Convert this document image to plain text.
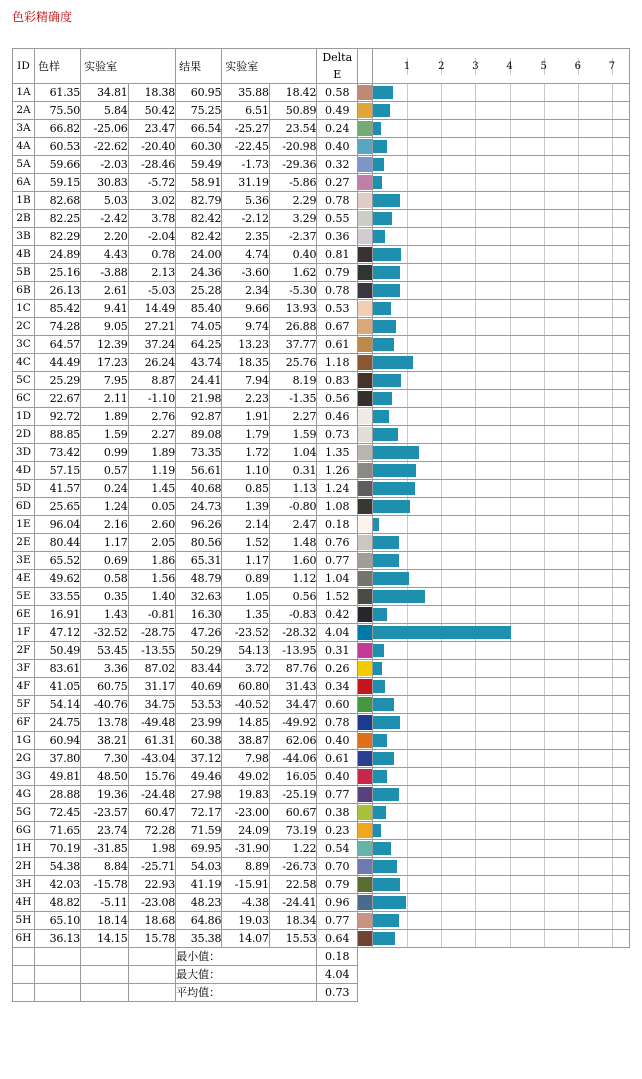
色彩精确度
ID	色样	实验室	结果	实验室	Delta E		
1	2	3	4	5	6	7

1A	61.35	34.81	18.38	60.95	35.88	18.42	0.58	

2A	75.50	5.84	50.42	75.25	6.51	50.89	0.49	

3A	66.82	-25.06	23.47	66.54	-25.27	23.54	0.24	

4A	60.53	-22.62	-20.40	60.30	-22.45	-20.98	0.40	

5A	59.66	-2.03	-28.46	59.49	-1.73	-29.36	0.32	

6A	59.15	30.83	-5.72	58.91	31.19	-5.86	0.27	

1B	82.68	5.03	3.02	82.79	5.36	2.29	0.78	

2B	82.25	-2.42	3.78	82.42	-2.12	3.29	0.55	

3B	82.29	2.20	-2.04	82.42	2.35	-2.37	0.36	

4B	24.89	4.43	0.78	24.00	4.74	0.40	0.81	

5B	25.16	-3.88	2.13	24.36	-3.60	1.62	0.79	

6B	26.13	2.61	-5.03	25.28	2.34	-5.30	0.78	

1C	85.42	9.41	14.49	85.40	9.66	13.93	0.53	

2C	74.28	9.05	27.21	74.05	9.74	26.88	0.67	

3C	64.57	12.39	37.24	64.25	13.23	37.77	0.61	

4C	44.49	17.23	26.24	43.74	18.35	25.76	1.18	

5C	25.29	7.95	8.87	24.41	7.94	8.19	0.83	

6C	22.67	2.11	-1.10	21.98	2.23	-1.35	0.56	

1D	92.72	1.89	2.76	92.87	1.91	2.27	0.46	

2D	88.85	1.59	2.27	89.08	1.79	1.59	0.73	

3D	73.42	0.99	1.89	73.35	1.72	1.04	1.35	

4D	57.15	0.57	1.19	56.61	1.10	0.31	1.26	

5D	41.57	0.24	1.45	40.68	0.85	1.13	1.24	

6D	25.65	1.24	0.05	24.73	1.39	-0.80	1.08	

1E	96.04	2.16	2.60	96.26	2.14	2.47	0.18	

2E	80.44	1.17	2.05	80.56	1.52	1.48	0.76	

3E	65.52	0.69	1.86	65.31	1.17	1.60	0.77	

4E	49.62	0.58	1.56	48.79	0.89	1.12	1.04	

5E	33.55	0.35	1.40	32.63	1.05	0.56	1.52	

6E	16.91	1.43	-0.81	16.30	1.35	-0.83	0.42	

1F	47.12	-32.52	-28.75	47.26	-23.52	-28.32	4.04	

2F	50.49	53.45	-13.55	50.29	54.13	-13.95	0.31	

3F	83.61	3.36	87.02	83.44	3.72	87.76	0.26	

4F	41.05	60.75	31.17	40.69	60.80	31.43	0.34	

5F	54.14	-40.76	34.75	53.53	-40.52	34.47	0.60	

6F	24.75	13.78	-49.48	23.99	14.85	-49.92	0.78	

1G	60.94	38.21	61.31	60.38	38.87	62.06	0.40	

2G	37.80	7.30	-43.04	37.12	7.98	-44.06	0.61	

3G	49.81	48.50	15.76	49.46	49.02	16.05	0.40	

4G	28.88	19.36	-24.48	27.98	19.83	-25.19	0.77	

5G	72.45	-23.57	60.47	72.17	-23.00	60.67	0.38	

6G	71.65	23.74	72.28	71.59	24.09	73.19	0.23	

1H	70.19	-31.85	1.98	69.95	-31.90	1.22	0.54	

2H	54.38	8.84	-25.71	54.03	8.89	-26.73	0.70	

3H	42.03	-15.78	22.93	41.19	-15.91	22.58	0.79	

4H	48.82	-5.11	-23.08	48.23	-4.38	-24.41	0.96	

5H	65.10	18.14	18.68	64.86	19.03	18.34	0.77	

6H	36.13	14.15	15.78	35.38	14.07	15.53	0.64	

				最小值：			0.18		
				最大值：			4.04		
				平均值：			0.73		
